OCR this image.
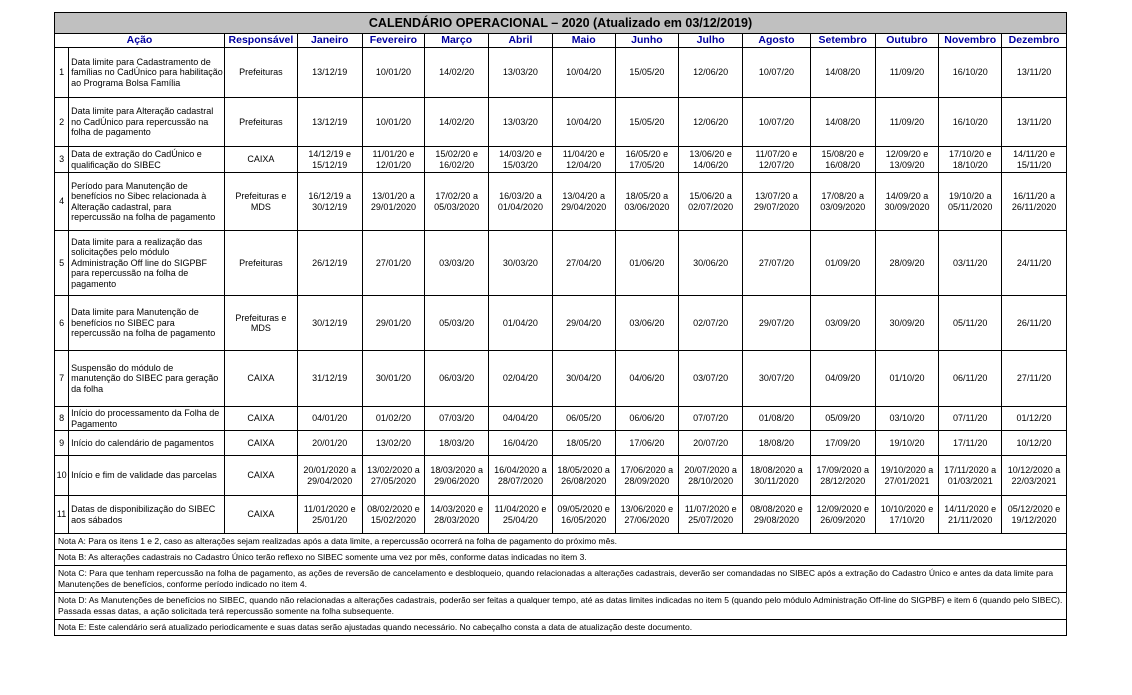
CALENDÁRIO OPERACIONAL – 2020 (Atualizado em 03/12/2019)														
Ação		Responsável	Janeiro	Fevereiro	Março	Abril	Maio	Junho	Julho	Agosto	Setembro	Outubro	Novembro	Dezembro
1	Data limite para Cadastramento de famílias no CadÚnico para habilitação ao Programa Bolsa Família	Prefeituras	13/12/19	10/01/20	14/02/20	13/03/20	10/04/20	15/05/20	12/06/20	10/07/20	14/08/20	11/09/20	16/10/20	13/11/20
2	Data limite para Alteração cadastral no CadÚnico para repercussão na folha de pagamento	Prefeituras	13/12/19	10/01/20	14/02/20	13/03/20	10/04/20	15/05/20	12/06/20	10/07/20	14/08/20	11/09/20	16/10/20	13/11/20
3	Data de extração do CadÚnico e qualificação do SIBEC	CAIXA	14/12/19 e 15/12/19	11/01/20 e 12/01/20	15/02/20 e 16/02/20	14/03/20 e 15/03/20	11/04/20 e 12/04/20	16/05/20 e 17/05/20	13/06/20 e 14/06/20	11/07/20 e 12/07/20	15/08/20 e 16/08/20	12/09/20 e 13/09/20	17/10/20 e 18/10/20	14/11/20 e 15/11/20
4	Período para Manutenção de benefícios no Sibec relacionada à Alteração cadastral, para repercussão na folha de pagamento	Prefeituras e MDS	16/12/19 a 30/12/19	13/01/20 a 29/01/2020	17/02/20 a 05/03/2020	16/03/20 a 01/04/2020	13/04/20 a 29/04/2020	18/05/20 a 03/06/2020	15/06/20 a 02/07/2020	13/07/20 a 29/07/2020	17/08/20 a 03/09/2020	14/09/20 a 30/09/2020	19/10/20 a 05/11/2020	16/11/20 a 26/11/2020
5	Data limite para a realização das solicitações pelo módulo Administração Off line do SIGPBF para repercussão na folha de pagamento	Prefeituras	26/12/19	27/01/20	03/03/20	30/03/20	27/04/20	01/06/20	30/06/20	27/07/20	01/09/20	28/09/20	03/11/20	24/11/20
6	Data limite para Manutenção de benefícios no SIBEC para repercussão na folha de pagamento	Prefeituras e MDS	30/12/19	29/01/20	05/03/20	01/04/20	29/04/20	03/06/20	02/07/20	29/07/20	03/09/20	30/09/20	05/11/20	26/11/20
7	Suspensão do módulo de manutenção do SIBEC para geração da folha	CAIXA	31/12/19	30/01/20	06/03/20	02/04/20	30/04/20	04/06/20	03/07/20	30/07/20	04/09/20	01/10/20	06/11/20	27/11/20
8	Início do processamento da Folha de Pagamento	CAIXA	04/01/20	01/02/20	07/03/20	04/04/20	06/05/20	06/06/20	07/07/20	01/08/20	05/09/20	03/10/20	07/11/20	01/12/20
9	Início do calendário de pagamentos	CAIXA	20/01/20	13/02/20	18/03/20	16/04/20	18/05/20	17/06/20	20/07/20	18/08/20	17/09/20	19/10/20	17/11/20	10/12/20
10	Início e fim de validade das parcelas	CAIXA	20/01/2020 a 29/04/2020	13/02/2020 a 27/05/2020	18/03/2020 a 29/06/2020	16/04/2020 a 28/07/2020	18/05/2020 a 26/08/2020	17/06/2020 a 28/09/2020	20/07/2020 a 28/10/2020	18/08/2020 a 30/11/2020	17/09/2020 a 28/12/2020	19/10/2020 a 27/01/2021	17/11/2020 a 01/03/2021	10/12/2020 a 22/03/2021
11	Datas de disponibilização do SIBEC aos sábados	CAIXA	11/01/2020 e 25/01/20	08/02/2020 e 15/02/2020	14/03/2020 e 28/03/2020	11/04/2020 e 25/04/20	09/05/2020 e 16/05/2020	13/06/2020 e 27/06/2020	11/07/2020 e 25/07/2020	08/08/2020 e 29/08/2020	12/09/2020 e 26/09/2020	10/10/2020 e 17/10/20	14/11/2020 e 21/11/2020	05/12/2020 e 19/12/2020
Nota A: Para os itens 1 e 2, caso as alterações sejam realizadas após a data limite, a repercussão ocorrerá na folha de pagamento do próximo mês.														
Nota B: As alterações cadastrais no Cadastro Único terão reflexo no SIBEC somente uma vez por mês, conforme datas indicadas no item 3.														
Nota C: Para que tenham repercussão na folha de pagamento, as ações de reversão de cancelamento e desbloqueio, quando relacionadas a alterações cadastrais, deverão ser comandadas no SIBEC após a extração do Cadastro Único e antes da data limite para Manutenções de benefícios, conforme período indicado no item 4.														
Nota D: As Manutenções de benefícios no SIBEC, quando não relacionadas a alterações cadastrais, poderão ser feitas a qualquer tempo, até as datas limites indicadas no item 5 (quando pelo módulo Administração Off-line do SIGPBF) e item 6 (quando pelo SIBEC). Passada essas datas, a ação solicitada terá repercussão somente na folha subsequente.														
Nota E: Este calendário será atualizado periodicamente e suas datas serão ajustadas quando necessário. No cabeçalho consta a data de atualização deste documento.														
